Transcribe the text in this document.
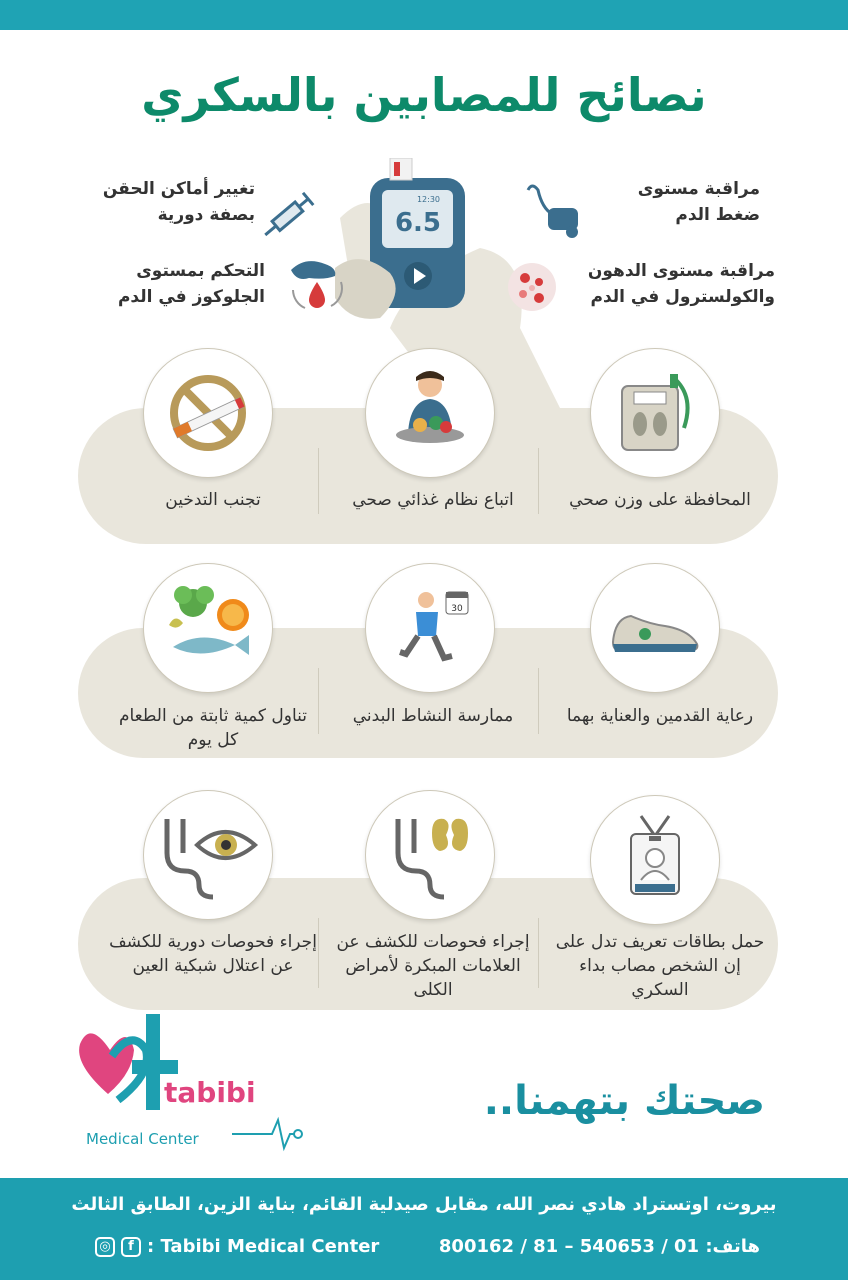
نصائح للمصابين بالسكري
6.5
12:30
تغيير أماكن الحقن بصفة دورية
التحكم بمستوى الجلوكوز في الدم
مراقبة مستوى ضغط الدم
مراقبة مستوى الدهون والكولسترول في الدم
المحافظة على وزن صحي
اتباع نظام غذائي صحي
تجنب التدخين
رعاية القدمين والعناية بهما
30
ممارسة النشاط البدني
تناول كمية ثابتة من الطعام كل يوم
حمل بطاقات تعريف تدل على إن الشخص مصاب بداء السكري
إجراء فحوصات للكشف عن العلامات المبكرة لأمراض الكلى
إجراء فحوصات دورية للكشف عن اعتلال شبكية العين
tabibi
Medical Center
صحتك بتهمنا..
بيروت، اوتستراد هادي نصر الله، مقابل صيدلية القائم، بناية الزين، الطابق الثالث
هاتف: 01 / 540653 – 81 / 800162
◎	f : Tabibi Medical Center
